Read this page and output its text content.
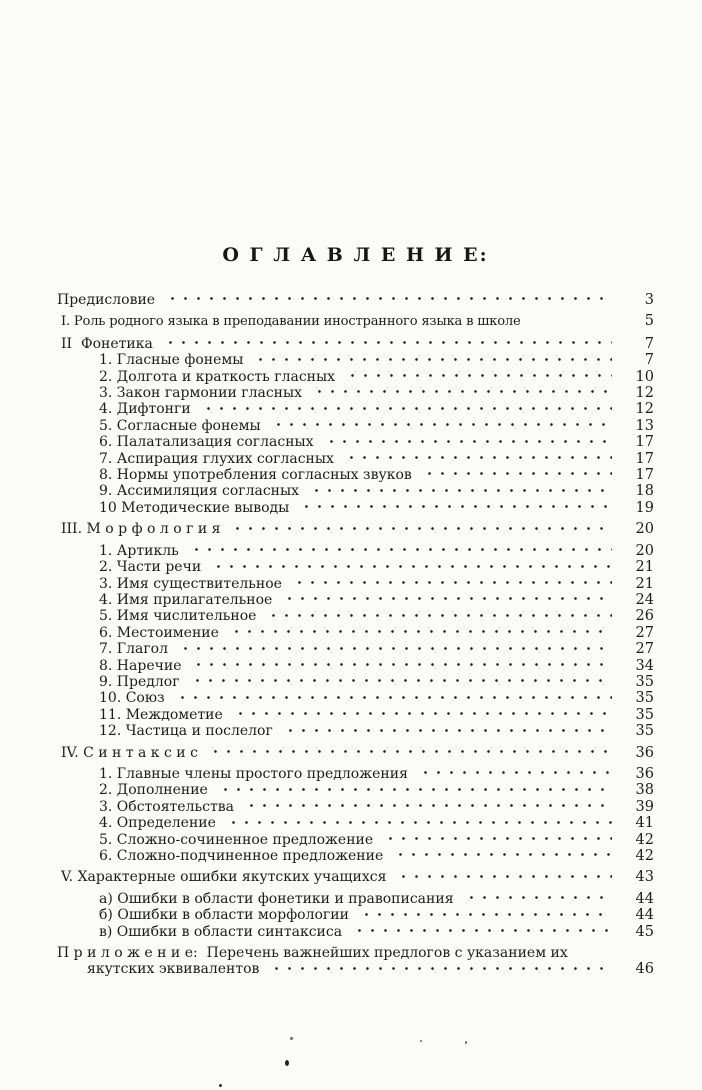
О Г Л А В Л Е Н И Е:
Предисловие	3
I. Роль родного языка в преподавании иностранного языка в школе	5
II  Фонетика	7
1. Гласные фонемы	7
2. Долгота и краткость гласных	10
3. Закон гармонии гласных	12
4. Дифтонги	12
5. Согласные фонемы	13
6. Палатализация согласных	17
7. Аспирация глухих согласных	17
8. Нормы употребления согласных звуков	17
9. Ассимиляция согласных	18
10 Методические выводы	19
III. М о р ф о л о г и я	20
1. Артикль	20
2. Части речи	21
3. Имя существительное	21
4. Имя прилагательное	24
5. Имя числительное	26
6. Местоимение	27
7. Глагол	27
8. Наречие	34
9. Предлог	35
10. Союз	35
11. Междометие	35
12. Частица и послелог	35
IV. С и н т а к с и с	36
1. Главные члены простого предложения	36
2. Дополнение	38
3. Обстоятельства	39
4. Определение	41
5. Сложно-сочиненное предложение	42
6. Сложно-подчиненное предложение	42
V. Характерные ошибки якутских учащихся	43
а) Ошибки в области фонетики и правописания	44
б) Ошибки в области морфологии	44
в) Ошибки в области синтаксиса	45
П р и л о ж е н и е:  Перечень важнейших предлогов с указанием их
якутских эквивалентов	46
